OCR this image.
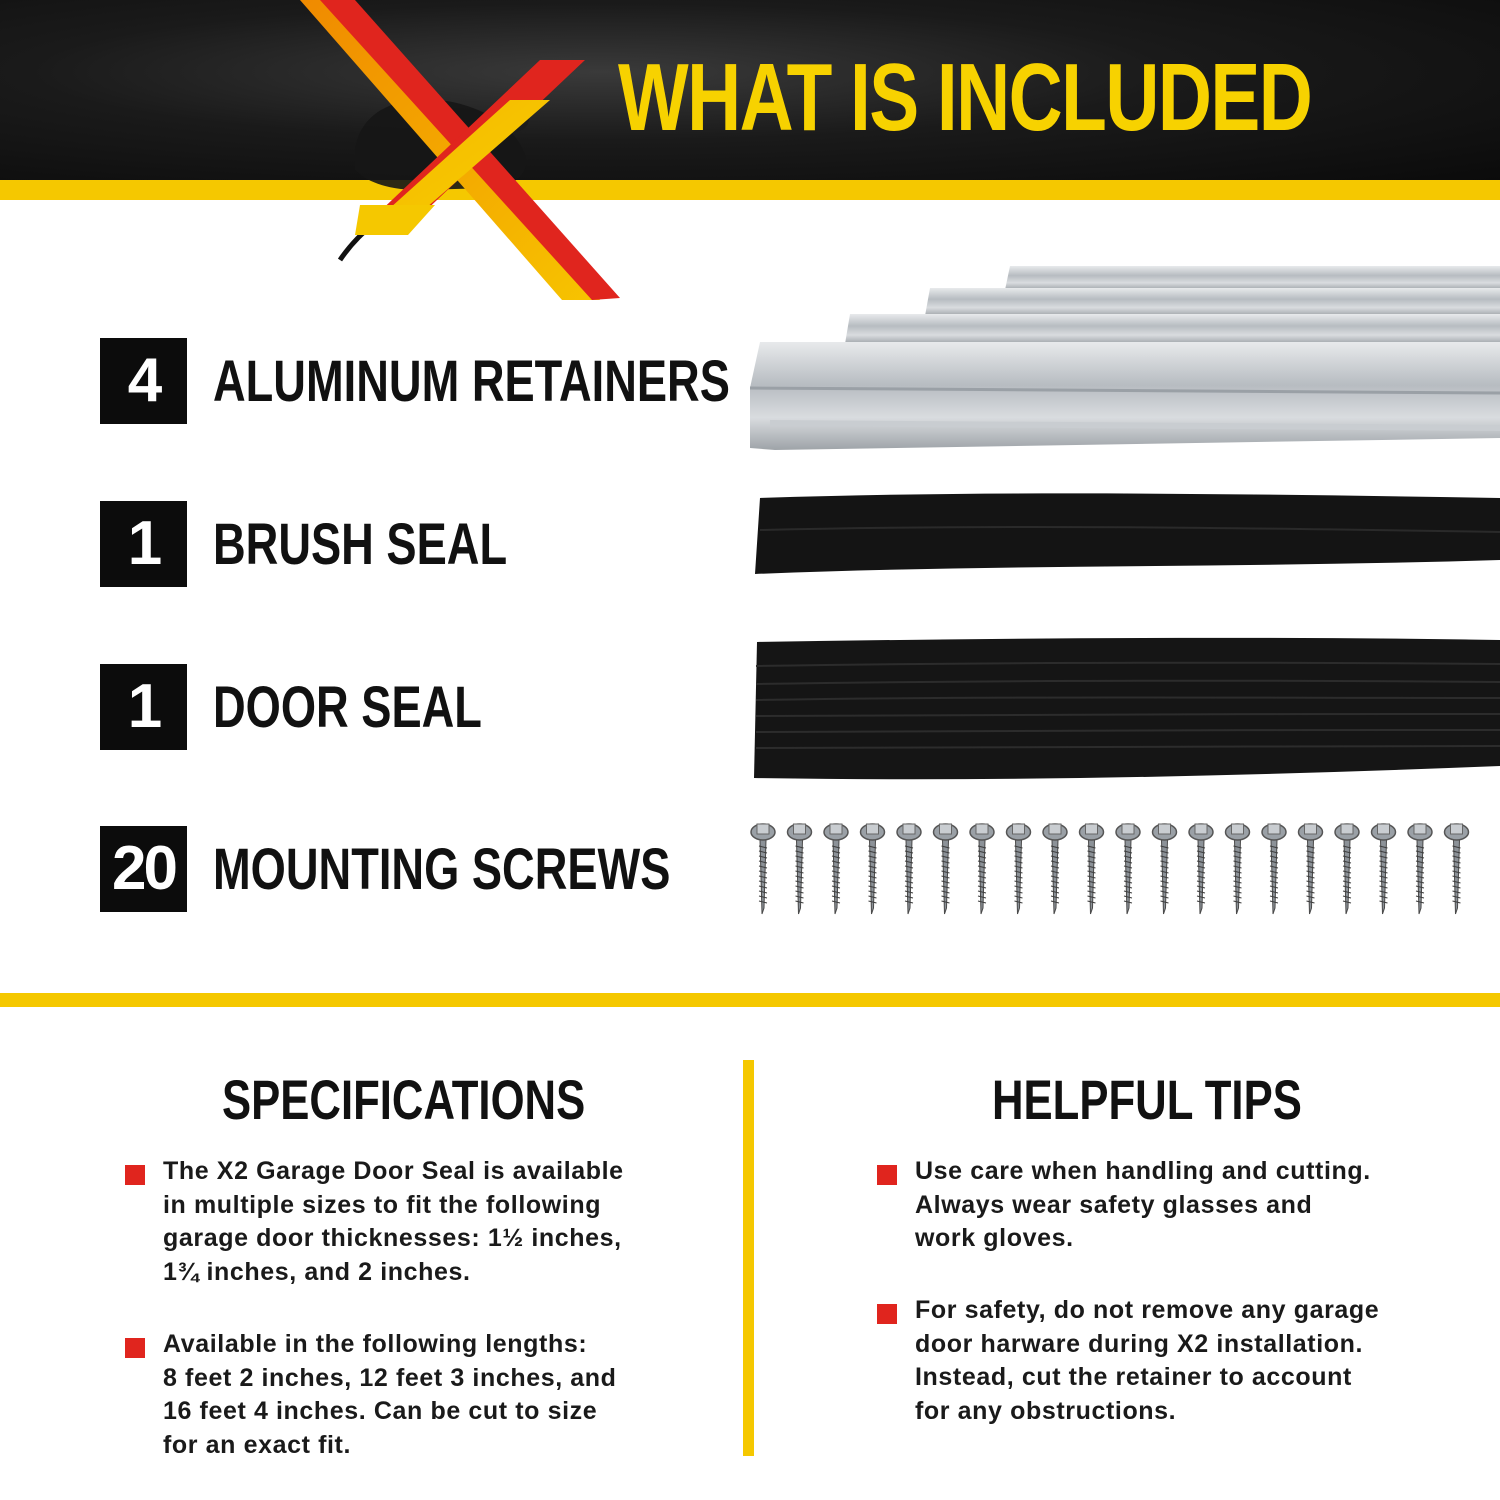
WHAT IS INCLUDED
4 ALUMINUM RETAINERS
1 BRUSH SEAL
1 DOOR SEAL
20 MOUNTING SCREWS
SPECIFICATIONS
The X2 Garage Door Seal is available
in multiple sizes to fit the following
garage door thicknesses: 1½ inches,
1¾ inches, and 2 inches.
Available in the following lengths:
8 feet 2 inches, 12 feet 3 inches, and
16 feet 4 inches. Can be cut to size
for an exact fit.
HELPFUL TIPS
Use care when handling and cutting.
Always wear safety glasses and
work gloves.
For safety, do not remove any garage
door harware during X2 installation.
Instead, cut the retainer to account
for any obstructions.
